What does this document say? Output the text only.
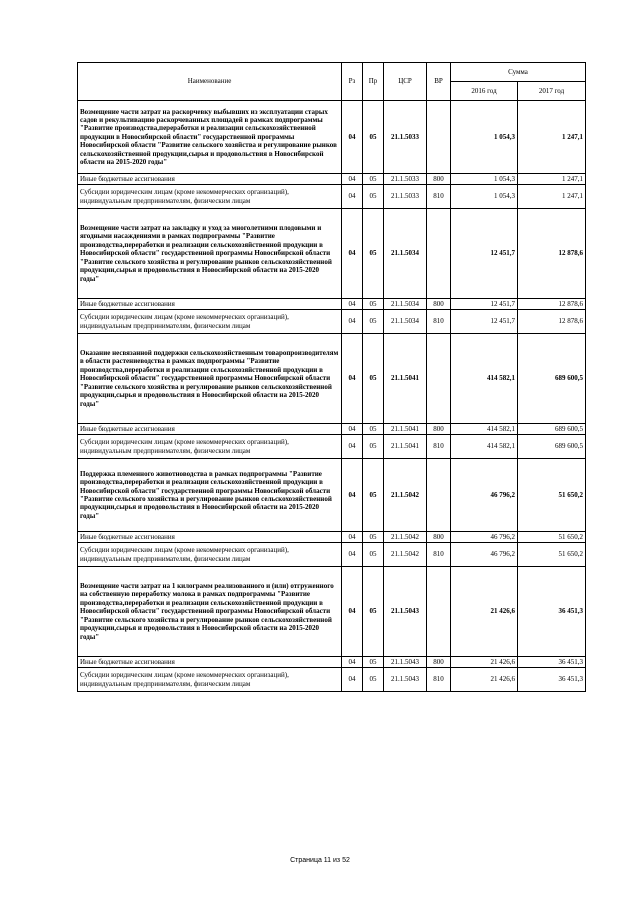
Наименование	Рз	Пр	ЦСР	ВР	Сумма	
					2016 год	2017 год
Возмещение части затрат на раскорчевку выбывших из эксплуатации старых садов и рекультивацию раскорчеванных площадей в рамках подпрограммы "Развитие производства,переработки и реализации сельскохозяйственной продукции в Новосибирской области" государственной программы Новосибирской области "Развитие сельского хозяйства и регулирование рынков сельскохозяйственной продукции,сырья и продовольствия в Новосибирской области на 2015-2020 годы"	04	05	21.1.5033		1 054,3	1 247,1
Иные бюджетные ассигнования	04	05	21.1.5033	800	1 054,3	1 247,1
Субсидии юридическим лицам (кроме некоммерческих организаций), индивидуальным предпринимателям, физическим лицам	04	05	21.1.5033	810	1 054,3	1 247,1
Возмещение части затрат на закладку и уход за многолетними плодовыми и ягодными насаждениями в рамках подпрограммы "Развитие производства,переработки и реализации сельскохозяйственной продукции в Новосибирской области" государственной программы Новосибирской области "Развитие сельского хозяйства и регулирование рынков сельскохозяйственной продукции,сырья и продовольствия в Новосибирской области на 2015-2020 годы"	04	05	21.1.5034		12 451,7	12 878,6
Иные бюджетные ассигнования	04	05	21.1.5034	800	12 451,7	12 878,6
Субсидии юридическим лицам (кроме некоммерческих организаций), индивидуальным предпринимателям, физическим лицам	04	05	21.1.5034	810	12 451,7	12 878,6
Оказание несвязанной поддержки сельскохозяйственным товаропроизводителям в области растениеводства в рамках подпрограммы "Развитие производства,переработки и реализации сельскохозяйственной продукции в Новосибирской области" государственной программы Новосибирской области "Развитие сельского хозяйства и регулирование рынков сельскохозяйственной продукции,сырья и продовольствия в Новосибирской области на 2015-2020 годы"	04	05	21.1.5041		414 582,1	689 600,5
Иные бюджетные ассигнования	04	05	21.1.5041	800	414 582,1	689 600,5
Субсидии юридическим лицам (кроме некоммерческих организаций), индивидуальным предпринимателям, физическим лицам	04	05	21.1.5041	810	414 582,1	689 600,5
Поддержка племенного животноводства в рамках подпрограммы "Развитие производства,переработки и реализации сельскохозяйственной продукции в Новосибирской области" государственной программы Новосибирской области "Развитие сельского хозяйства и регулирование рынков сельскохозяйственной продукции,сырья и продовольствия в Новосибирской области на 2015-2020 годы"	04	05	21.1.5042		46 796,2	51 650,2
Иные бюджетные ассигнования	04	05	21.1.5042	800	46 796,2	51 650,2
Субсидии юридическим лицам (кроме некоммерческих организаций), индивидуальным предпринимателям, физическим лицам	04	05	21.1.5042	810	46 796,2	51 650,2
Возмещение части затрат на 1 килограмм реализованного и (или) отгруженного на собственную переработку молока в рамках подпрограммы "Развитие производства,переработки и реализации сельскохозяйственной продукции в Новосибирской области" государственной программы Новосибирской области "Развитие сельского хозяйства и регулирование рынков сельскохозяйственной продукции,сырья и продовольствия в Новосибирской области на 2015-2020 годы"	04	05	21.1.5043		21 426,6	36 451,3
Иные бюджетные ассигнования	04	05	21.1.5043	800	21 426,6	36 451,3
Субсидии юридическим лицам (кроме некоммерческих организаций), индивидуальным предпринимателям, физическим лицам	04	05	21.1.5043	810	21 426,6	36 451,3
Страница 11 из 52
